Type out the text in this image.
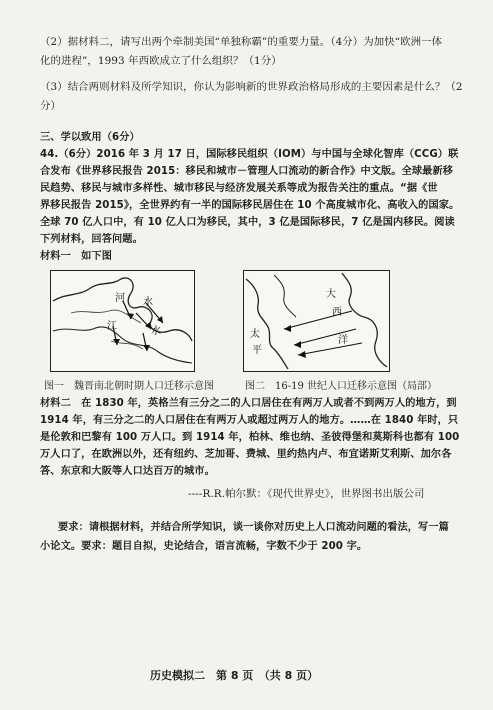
（2）据材料二，请写出两个牵制美国“单独称霸”的重要力量。（4分）为加快“欧洲一体
化的进程”，1993 年西欧成立了什么组织？（1分）
（3）结合两则材料及所学知识，你认为影响新的世界政治格局形成的主要因素是什么？（2
分）
三、学以致用（6分）
44.（6分）2016 年 3 月 17 日，国际移民组织（IOM）与中国与全球化智库（CCG）联
合发布《世界移民报告 2015：移民和城市－管理人口流动的新合作》中文版。全球最新移
民趋势、移民与城市多样性、城市移民与经济发展关系等成为报告关注的重点。“据《世
界移民报告 2015》，全世界约有一半的国际移民居住在 10 个高度城市化、高收入的国家。
全球 70 亿人口中，有 10 亿人口为移民，其中，3 亿是国际移民，7 亿是国内移民。阅读
下列材料，回答问题。
材料一　如下图
河 水
江	水
大
西
洋
太
平
图一　魏晋南北朝时期人口迁移示意图	图二　16-19 世纪人口迁移示意图（局部）
材料二　在 1830 年，英格兰有三分之二的人口居住在有两万人或者不到两万人的地方，到
1914 年，有三分之二的人口居住在有两万人或超过两万人的地方。……在 1840 年时，只
是伦敦和巴黎有 100 万人口。到 1914 年，柏林、维也纳、圣彼得堡和莫斯科也都有 100
万人口了，在欧洲以外，还有纽约、芝加哥、费城、里约热内卢、布宜诺斯艾利斯、加尔各
答、东京和大阪等人口达百万的城市。
----R.R.帕尔默：《现代世界史》，世界图书出版公司
要求：请根据材料，并结合所学知识，谈一谈你对历史上人口流动问题的看法，写一篇
小论文。要求：题目自拟，史论结合，语言流畅，字数不少于 200 字。
历史模拟二　第 8 页　（共 8 页）
